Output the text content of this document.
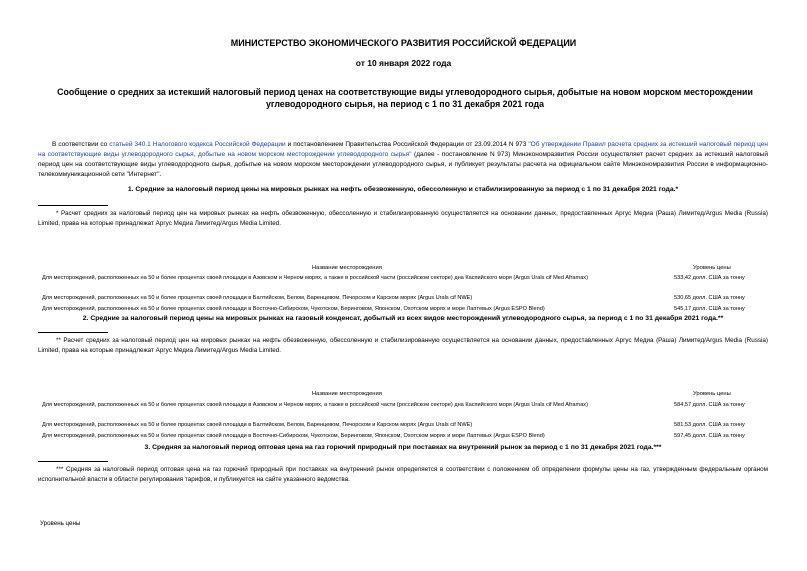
МИНИСТЕРСТВО ЭКОНОМИЧЕСКОГО РАЗВИТИЯ РОССИЙСКОЙ ФЕДЕРАЦИИ
от 10 января 2022 года
Сообщение о средних за истекший налоговый период ценах на соответствующие виды углеводородного сырья, добытые на новом морском месторождении углеводородного сырья, на период с 1 по 31 декабря 2021 года
В соответствии со статьей 340.1 Налогового кодекса Российской Федерации и постановлением Правительства Российской Федерации от 23.09.2014 N 973 "Об утверждении Правил расчета средних за истекший налоговый период цен на соответствующие виды углеводородного сырья, добытые на новом морском месторождении углеводородного сырья" (далее - постановление N 973) Минэкономразвития России осуществляет расчет средних за истекший налоговый период цен на соответствующие виды углеводородного сырья, добытые на новом морском месторождении углеводородного сырья, и публикует результаты расчета на официальном сайте Минэкономразвития России в информационно-телекоммуникационной сети "Интернет".
1. Средние за налоговый период цены на мировых рынках на нефть обезвоженную, обессоленную и стабилизированную за период с 1 по 31 декабря 2021 года.*
* Расчет средних за налоговый период цен на мировых рынках на нефть обезвоженную, обессоленную и стабилизированную осуществляется на основании данных, предоставленных Аргус Медиа (Раша) Лимитед/Argus Media (Russia) Limited, права на которые принадлежат Аргус Медиа Лимитед/Argus Media Limited.
Название месторождения	Уровень цены
Для месторождений, расположенных на 50 и более процентах своей площади в Азовском и Черном морях, а также в российской части (российском секторе) дна Каспийского моря (Argus Urals cif Med Aframax)	533,42 долл. США за тонну
Для месторождений, расположенных на 50 и более процентах своей площади в Балтийском, Белом, Баренцевом, Печорском и Карском морях (Argus Urals cif NWE)	530,65 долл. США за тонну
Для месторождений, расположенных на 50 и более процентах своей площади в Восточно-Сибирском, Чукотском, Беринговом, Японском, Охотском морях и море Лаптевых (Argus ESPO Blend)	545,17 долл. США за тонну
2. Средние за налоговый период цены на мировых рынках на газовый конденсат, добытый из всех видов месторождений углеводородного сырья, за период с 1 по 31 декабря 2021 года.**
** Расчет средних за налоговый период цен на мировых рынках на нефть обезвоженную, обессоленную и стабилизированную осуществляется на основании данных, предоставленных Аргус Медиа (Раша) Лимитед/Argus Media (Russia) Limited, права на которые принадлежат Аргус Медиа Лимитед/Argus Media Limited.
Название месторождения	Уровень цены
Для месторождений, расположенных на 50 и более процентах своей площади в Азовском и Черном морях, а также в российской части (российском секторе) дна Каспийского моря (Argus Urals cif Med Aframax)	584,57 долл. США за тонну
Для месторождений, расположенных на 50 и более процентах своей площади в Балтийском, Белом, Баренцевом, Печорском и Карском морях (Argus Urals cif NWE)	581,53 долл. США за тонну
Для месторождений, расположенных на 50 и более процентах своей площади в Восточно-Сибирском, Чукотском, Беринговом, Японском, Охотском морях и море Лаптевых (Argus ESPO Blend)	597,45 долл. США за тонну
3. Средняя за налоговый период оптовая цена на газ горючий природный при поставках на внутренний рынок за период с 1 по 31 декабря 2021 года.***
*** Средняя за налоговый период оптовая цена на газ горючий природный при поставках на внутренний рынок определяется в соответствии с положением об определении формулы цены на газ, утвержденным федеральным органом исполнительной власти в области регулирования тарифов, и публикуется на сайте указанного ведомства.
Уровень цены
